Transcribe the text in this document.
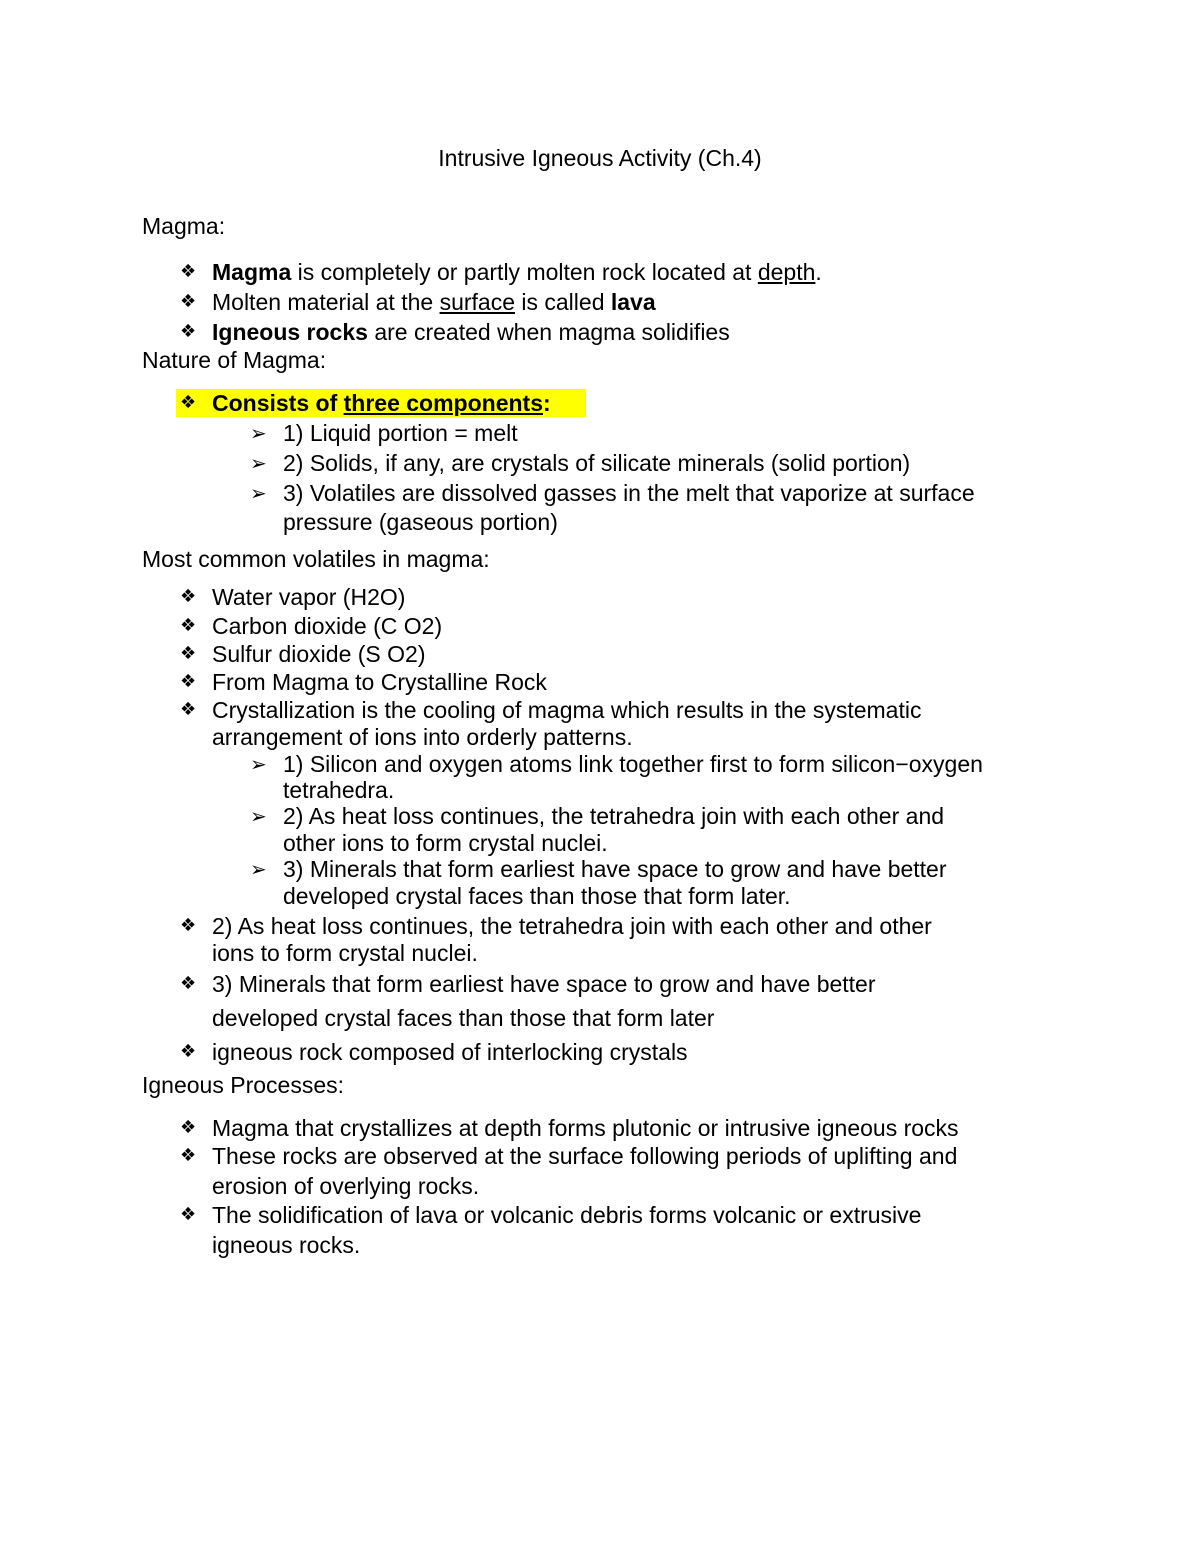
Intrusive Igneous Activity (Ch.4)
Magma:
❖ Magma is completely or partly molten rock located at depth.
❖ Molten material at the surface is called lava
❖ Igneous rocks are created when magma solidifies
Nature of Magma:
❖ Consists of three components:
➢ 1) Liquid portion = melt
➢ 2) Solids, if any, are crystals of silicate minerals (solid portion)
➢ 3) Volatiles are dissolved gasses in the melt that vaporize at surface
pressure (gaseous portion)
Most common volatiles in magma:
❖ Water vapor (H2O)
❖ Carbon dioxide (C O2)
❖ Sulfur dioxide (S O2)
❖ From Magma to Crystalline Rock
❖ Crystallization is the cooling of magma which results in the systematic
arrangement of ions into orderly patterns.
➢ 1) Silicon and oxygen atoms link together first to form silicon−oxygen
tetrahedra.
➢ 2) As heat loss continues, the tetrahedra join with each other and
other ions to form crystal nuclei.
➢ 3) Minerals that form earliest have space to grow and have better
developed crystal faces than those that form later.
❖ 2) As heat loss continues, the tetrahedra join with each other and other
ions to form crystal nuclei.
❖ 3) Minerals that form earliest have space to grow and have better
developed crystal faces than those that form later
❖ igneous rock composed of interlocking crystals
Igneous Processes:
❖ Magma that crystallizes at depth forms plutonic or intrusive igneous rocks
❖ These rocks are observed at the surface following periods of uplifting and
erosion of overlying rocks.
❖ The solidification of lava or volcanic debris forms volcanic or extrusive
igneous rocks.
